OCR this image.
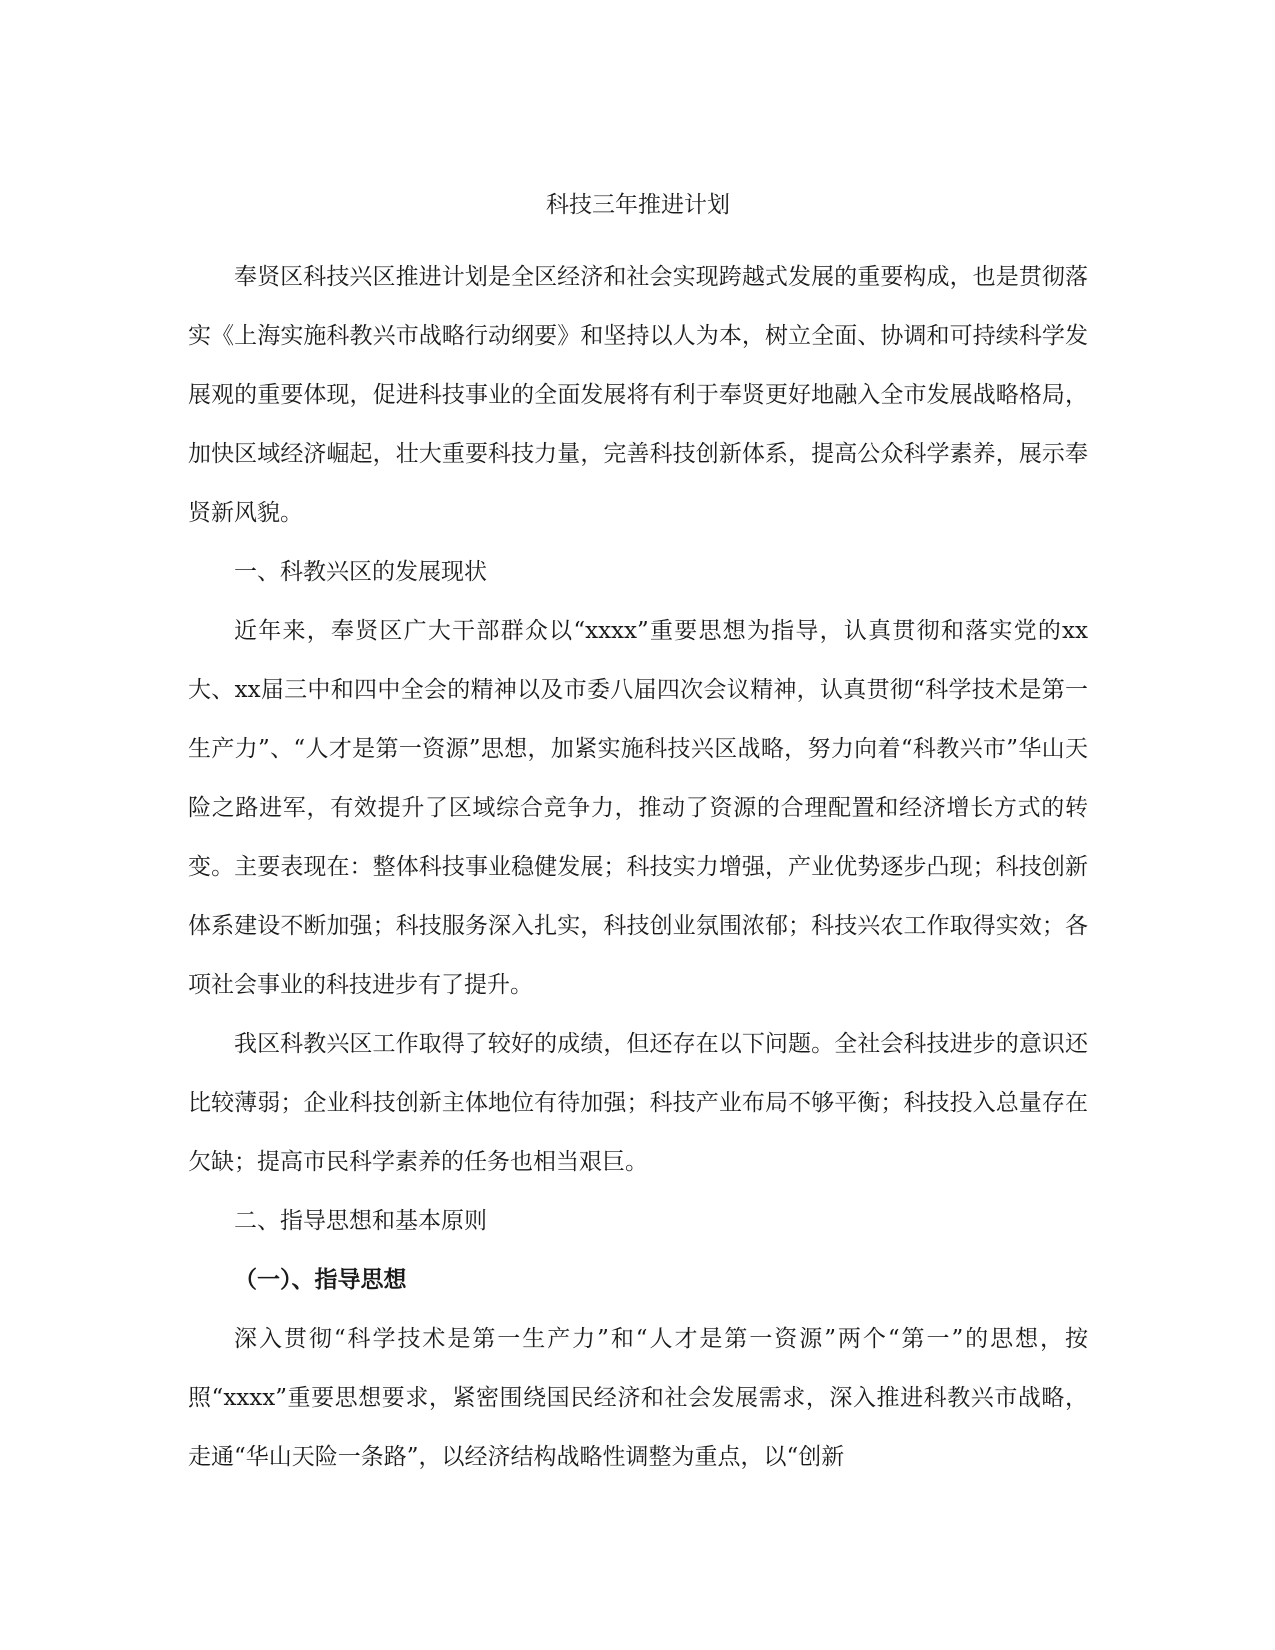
科技三年推进计划

奉贤区科技兴区推进计划是全区经济和社会实现跨越式发展的重要构成，也是贯彻落实《上海实施科教兴市战略行动纲要》和坚持以人为本，树立全面、协调和可持续科学发展观的重要体现，促进科技事业的全面发展将有利于奉贤更好地融入全市发展战略格局，加快区域经济崛起，壮大重要科技力量，完善科技创新体系，提高公众科学素养，展示奉贤新风貌。

一、科教兴区的发展现状

近年来，奉贤区广大干部群众以“xxxx”重要思想为指导，认真贯彻和落实党的xx大、xx届三中和四中全会的精神以及市委八届四次会议精神，认真贯彻“科学技术是第一生产力”、“人才是第一资源”思想，加紧实施科技兴区战略，努力向着“科教兴市”华山天险之路进军，有效提升了区域综合竞争力，推动了资源的合理配置和经济增长方式的转变。主要表现在：整体科技事业稳健发展；科技实力增强，产业优势逐步凸现；科技创新体系建设不断加强；科技服务深入扎实，科技创业氛围浓郁；科技兴农工作取得实效；各项社会事业的科技进步有了提升。

我区科教兴区工作取得了较好的成绩，但还存在以下问题。全社会科技进步的意识还比较薄弱；企业科技创新主体地位有待加强；科技产业布局不够平衡；科技投入总量存在欠缺；提高市民科学素养的任务也相当艰巨。

二、指导思想和基本原则

（一）、指导思想

深入贯彻“科学技术是第一生产力”和“人才是第一资源”两个“第一”的思想，按照“xxxx”重要思想要求，紧密围绕国民经济和社会发展需求，深入推进科教兴市战略，走通“华山天险一条路”，以经济结构战略性调整为重点，以“创新
